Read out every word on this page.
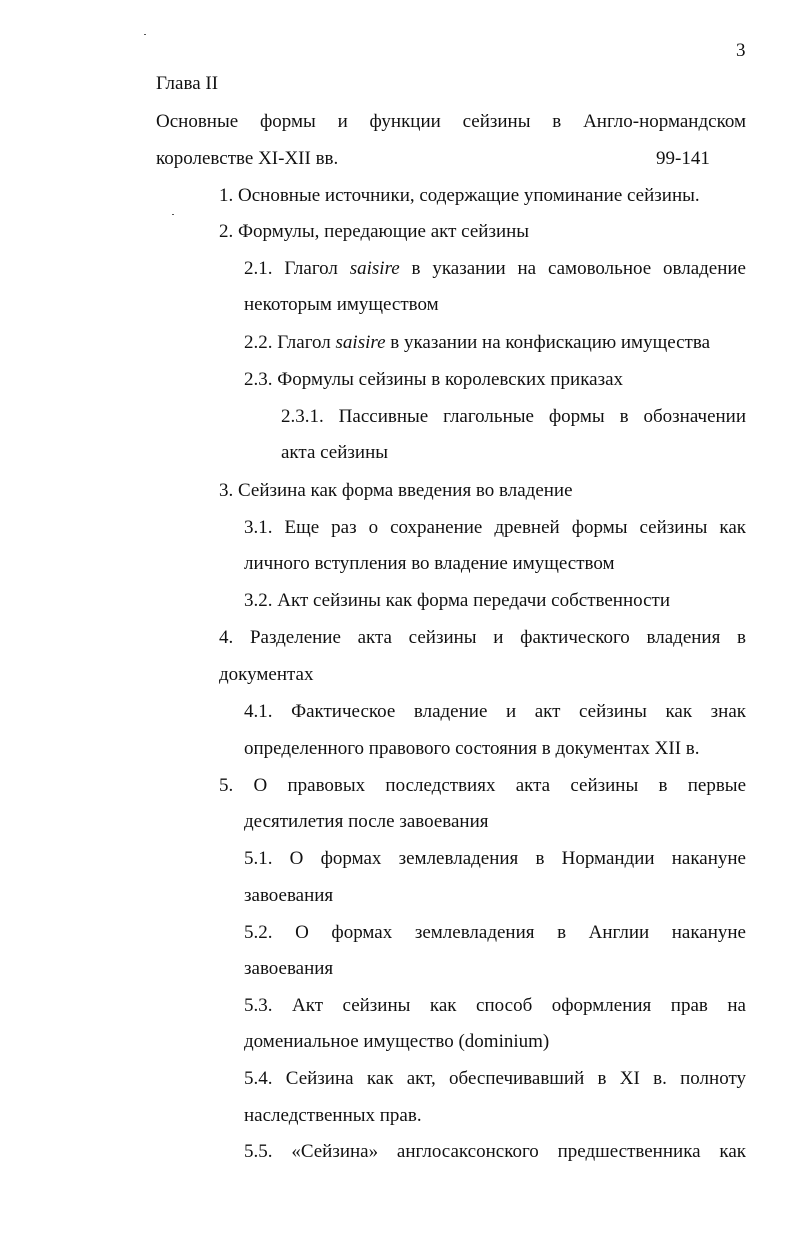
3
Глава II
Основные формы и функции сейзины в Англо-нормандском
королевстве XI-XII вв.	99-141
1. Основные источники, содержащие упоминание сейзины.
2. Формулы, передающие акт сейзины
2.1. Глагол saisire в указании на самовольное овладение
некоторым имуществом
2.2. Глагол saisire в указании на конфискацию имущества
2.3. Формулы сейзины в королевских приказах
2.3.1. Пассивные глагольные формы в обозначении
акта сейзины
3. Сейзина как форма введения во владение
3.1. Еще раз о сохранение древней формы сейзины как
личного вступления во владение имуществом
3.2. Акт сейзины как форма передачи собственности
4. Разделение акта сейзины и фактического владения в
документах
4.1. Фактическое владение и акт сейзины как знак
определенного правового состояния в документах XII в.
5. О правовых последствиях акта сейзины в первые
десятилетия после завоевания
5.1. О формах землевладения в Нормандии накануне
завоевания
5.2. О формах землевладения в Англии накануне
завоевания
5.3. Акт сейзины как способ оформления прав на
домениальное имущество (dominium)
5.4. Сейзина как акт, обеспечивавший в XI в. полноту
наследственных прав.
5.5. «Сейзина» англосаксонского предшественника как
